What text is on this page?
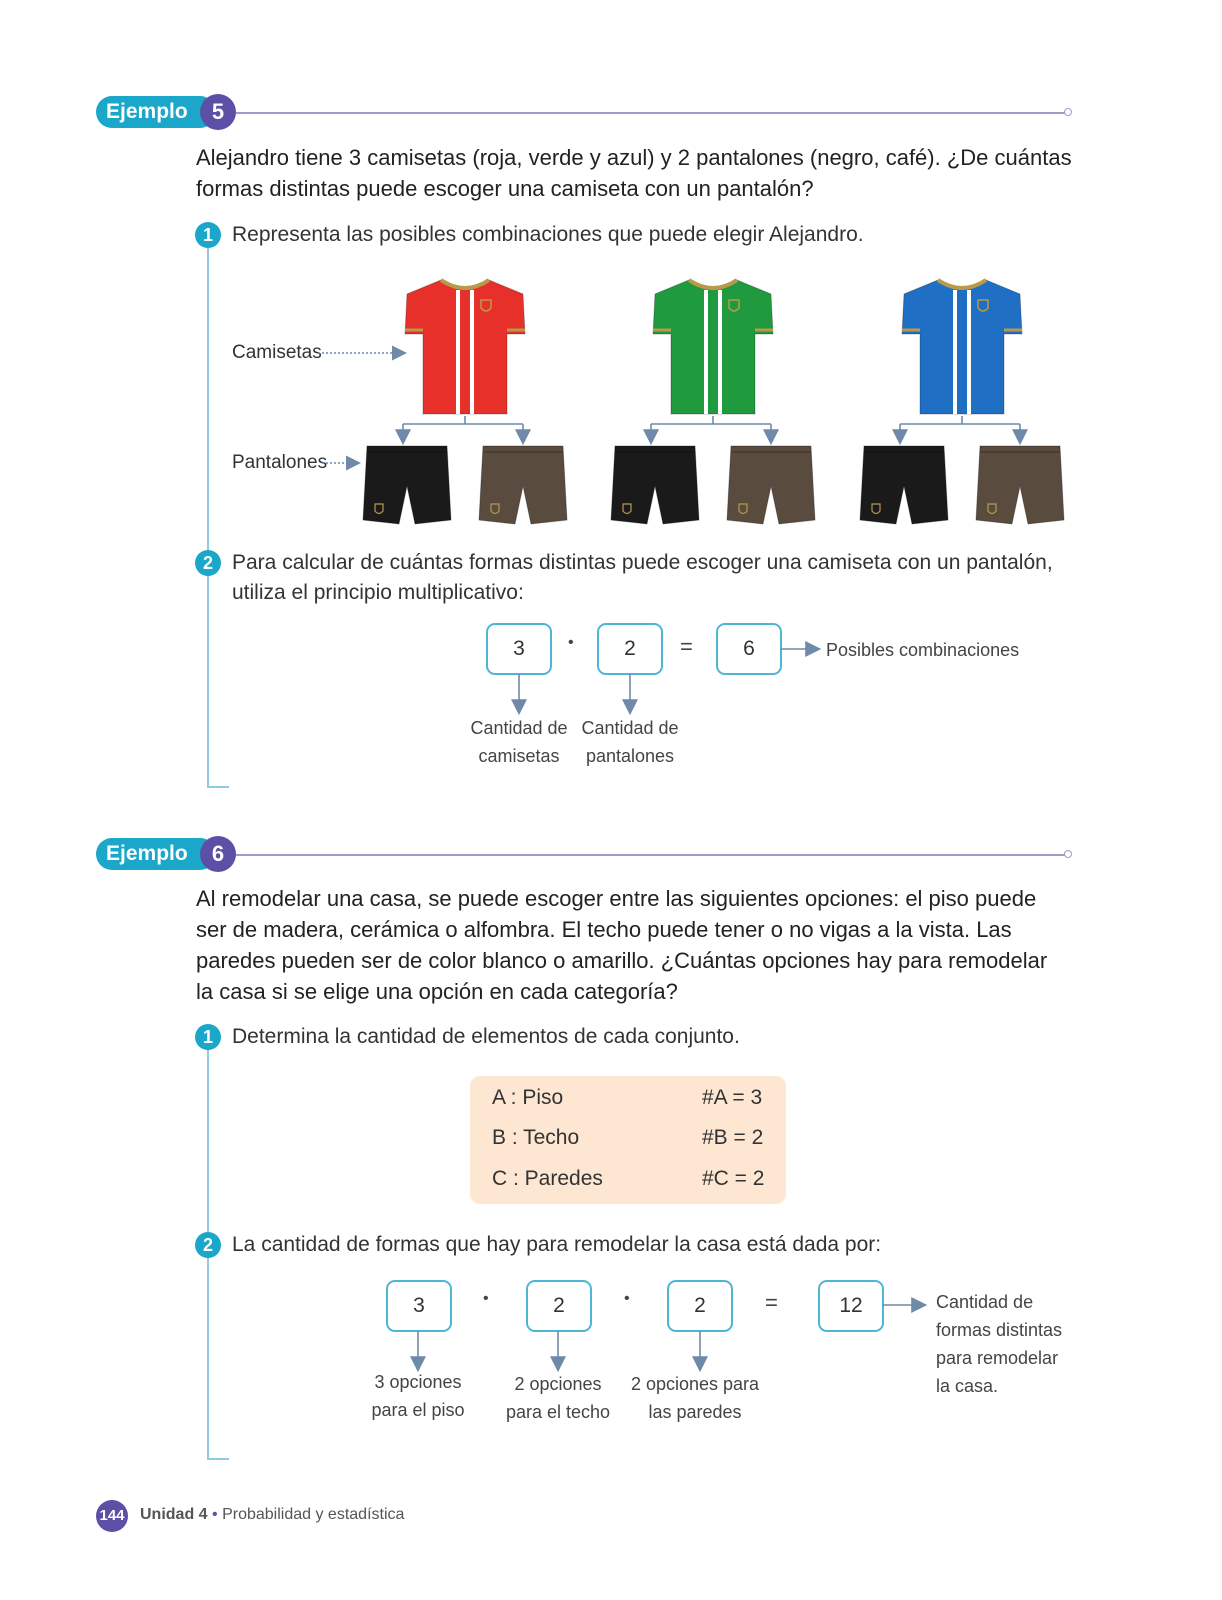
Ejemplo	5
Alejandro tiene 3 camisetas (roja, verde y azul) y 2 pantalones (negro, café). ¿De cuántas
formas distintas puede escoger una camiseta con un pantalón?
1 Representa las posibles combinaciones que puede elegir Alejandro.
Camisetas
Pantalones
2 Para calcular de cuántas formas distintas puede escoger una camiseta con un pantalón,
utiliza el principio multiplicativo:
3	•	2	=	6	Posibles combinaciones
Cantidad de
camisetas
Cantidad de
pantalones
Ejemplo	6
Al remodelar una casa, se puede escoger entre las siguientes opciones: el piso puede
ser de madera, cerámica o alfombra. El techo puede tener o no vigas a la vista. Las
paredes pueden ser de color blanco o amarillo. ¿Cuántas opciones hay para remodelar
la casa si se elige una opción en cada categoría?
1 Determina la cantidad de elementos de cada conjunto.
A : Piso	#A = 3
B : Techo	#B = 2
C : Paredes	#C = 2
2 La cantidad de formas que hay para remodelar la casa está dada por:
3	•	2	•	2	=	12
3 opciones
para el piso
2 opciones
para el techo
2 opciones para
las paredes
Cantidad de
formas distintas
para remodelar
la casa.
144 Unidad 4 • Probabilidad y estadística
